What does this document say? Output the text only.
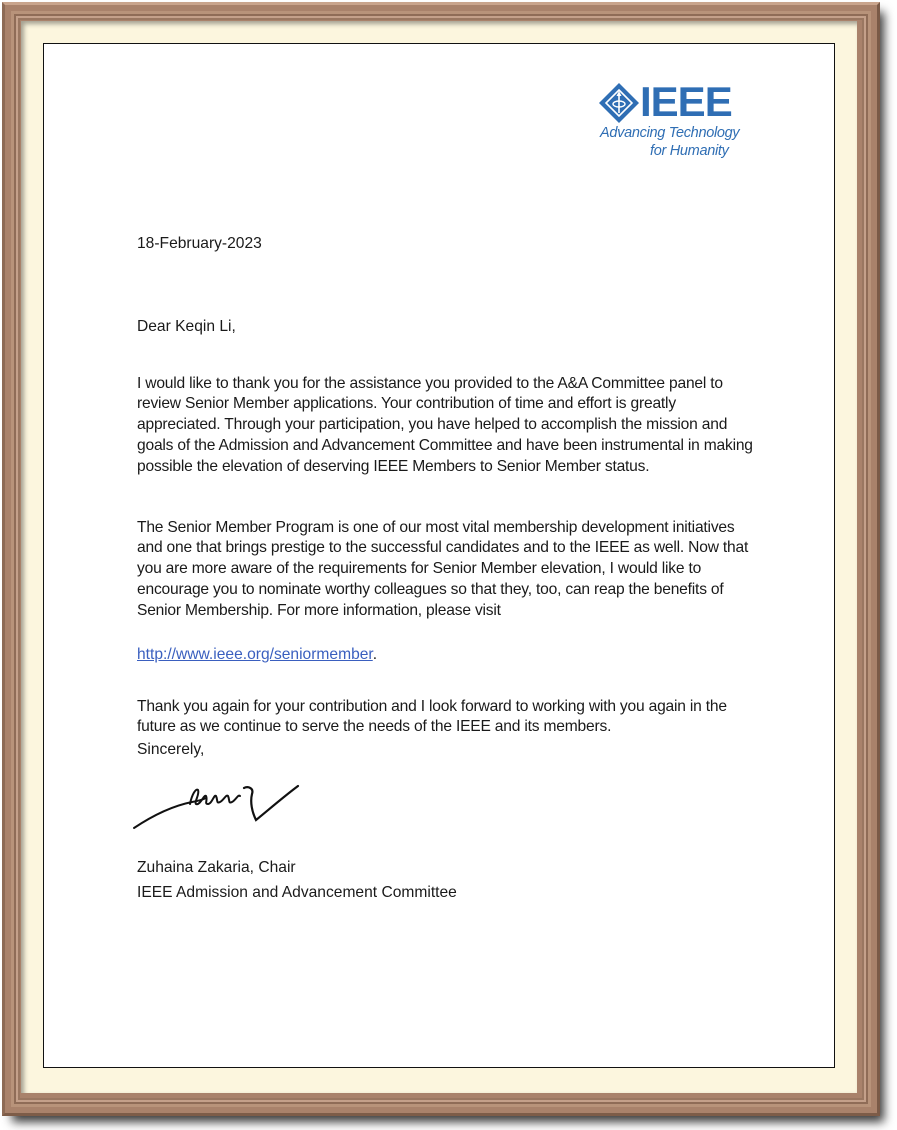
IEEE
Advancing Technology
for Humanity
18-February-2023
Dear Keqin Li,

I would like to thank you for the assistance you provided to the A&A Committee panel to review Senior Member applications. Your contribution of time and effort is greatly appreciated. Through your participation, you have helped to accomplish the mission and goals of the Admission and Advancement Committee and have been instrumental in making possible the elevation of deserving IEEE Members to Senior Member status.

The Senior Member Program is one of our most vital membership development initiatives and one that brings prestige to the successful candidates and to the IEEE as well. Now that you are more aware of the requirements for Senior Member elevation, I would like to encourage you to nominate worthy colleagues so that they, too, can reap the benefits of Senior Membership. For more information, please visit

http://www.ieee.org/seniormember.

Thank you again for your contribution and I look forward to working with you again in the future as we continue to serve the needs of the IEEE and its members.

Sincerely,
Zuhaina Zakaria, Chair
IEEE Admission and Advancement Committee
